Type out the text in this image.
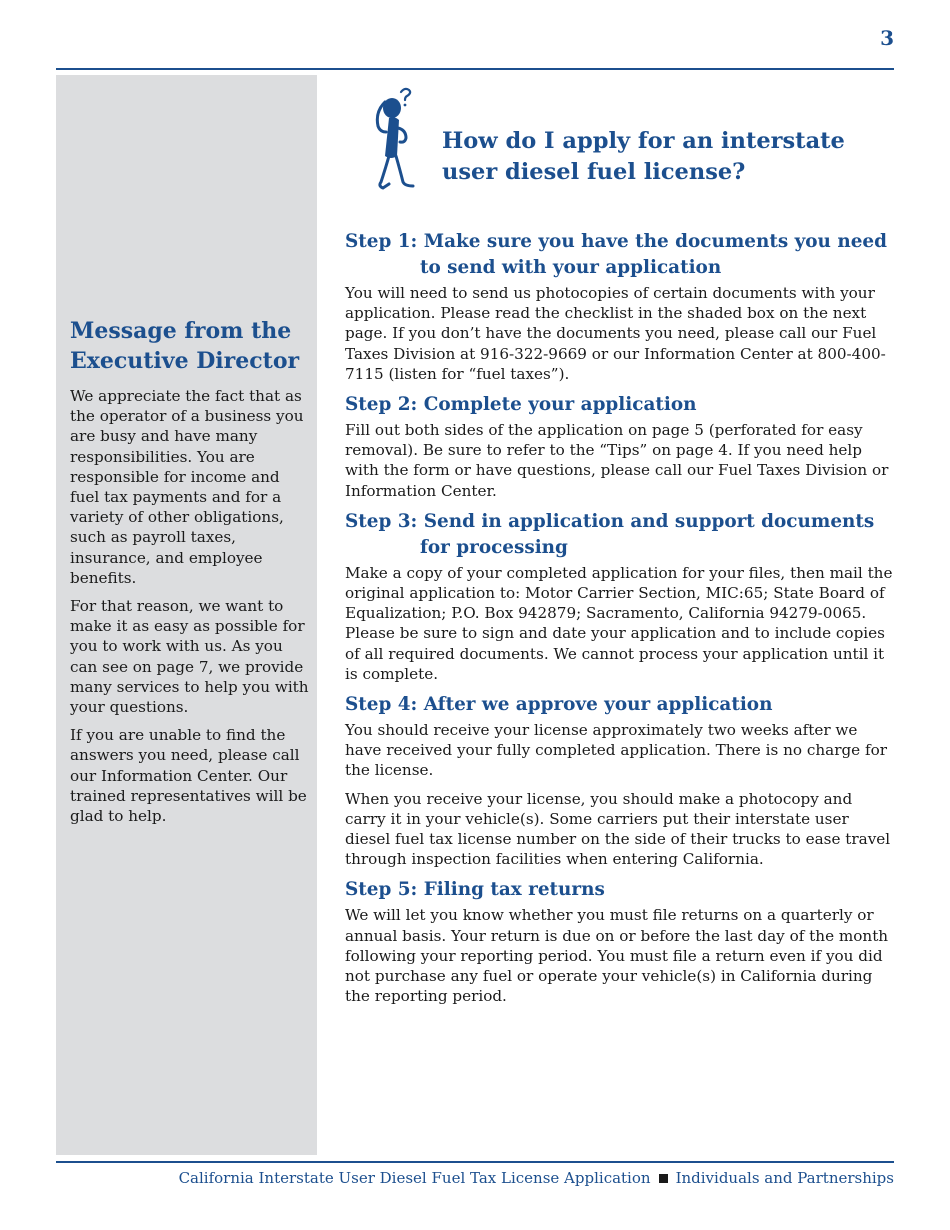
3
Message from the Executive Director

We appreciate the fact that as the operator of a business you are busy and have many responsibilities. You are responsible for income and fuel tax payments and for a variety of other obligations, such as payroll taxes, insurance, and employee benefits.

For that reason, we want to make it as easy as possible for you to work with us. As you can see on page 7, we provide many services to help you with your questions.

If you are unable to find the answers you need, please call our Information Center. Our trained representatives will be glad to help.

How do I apply for an interstate user diesel fuel license?
Step 1: Make sure you have the documents you need to send with your application

You will need to send us photocopies of certain documents with your application. Please read the checklist in the shaded box on the next page. If you don’t have the documents you need, please call our Fuel Taxes Division at 916-322-9669 or our Information Center at 800-400-7115 (listen for “fuel taxes”).

Step 2: Complete your application

Fill out both sides of the application on page 5 (perforated for easy removal). Be sure to refer to the “Tips” on page 4. If you need help with the form or have questions, please call our Fuel Taxes Division or Information Center.

Step 3: Send in application and support documents for processing

Make a copy of your completed application for your files, then mail the original application to: Motor Carrier Section, MIC:65; State Board of Equalization; P.O. Box 942879; Sacramento, California 94279-0065. Please be sure to sign and date your application and to include copies of all required documents. We cannot process your application until it is complete.

Step 4: After we approve your application

You should receive your license approximately two weeks after we have received your fully completed application. There is no charge for the license.

When you receive your license, you should make a photocopy and carry it in your vehicle(s). Some carriers put their interstate user diesel fuel tax license number on the side of their trucks to ease travel through inspection facilities when entering California.

Step 5: Filing tax returns

We will let you know whether you must file returns on a quarterly or annual basis. Your return is due on or before the last day of the month following your reporting period. You must file a return even if you did not purchase any fuel or operate your vehicle(s) in California during the reporting period.

California Interstate User Diesel Fuel Tax License Application Individuals and Partnerships
